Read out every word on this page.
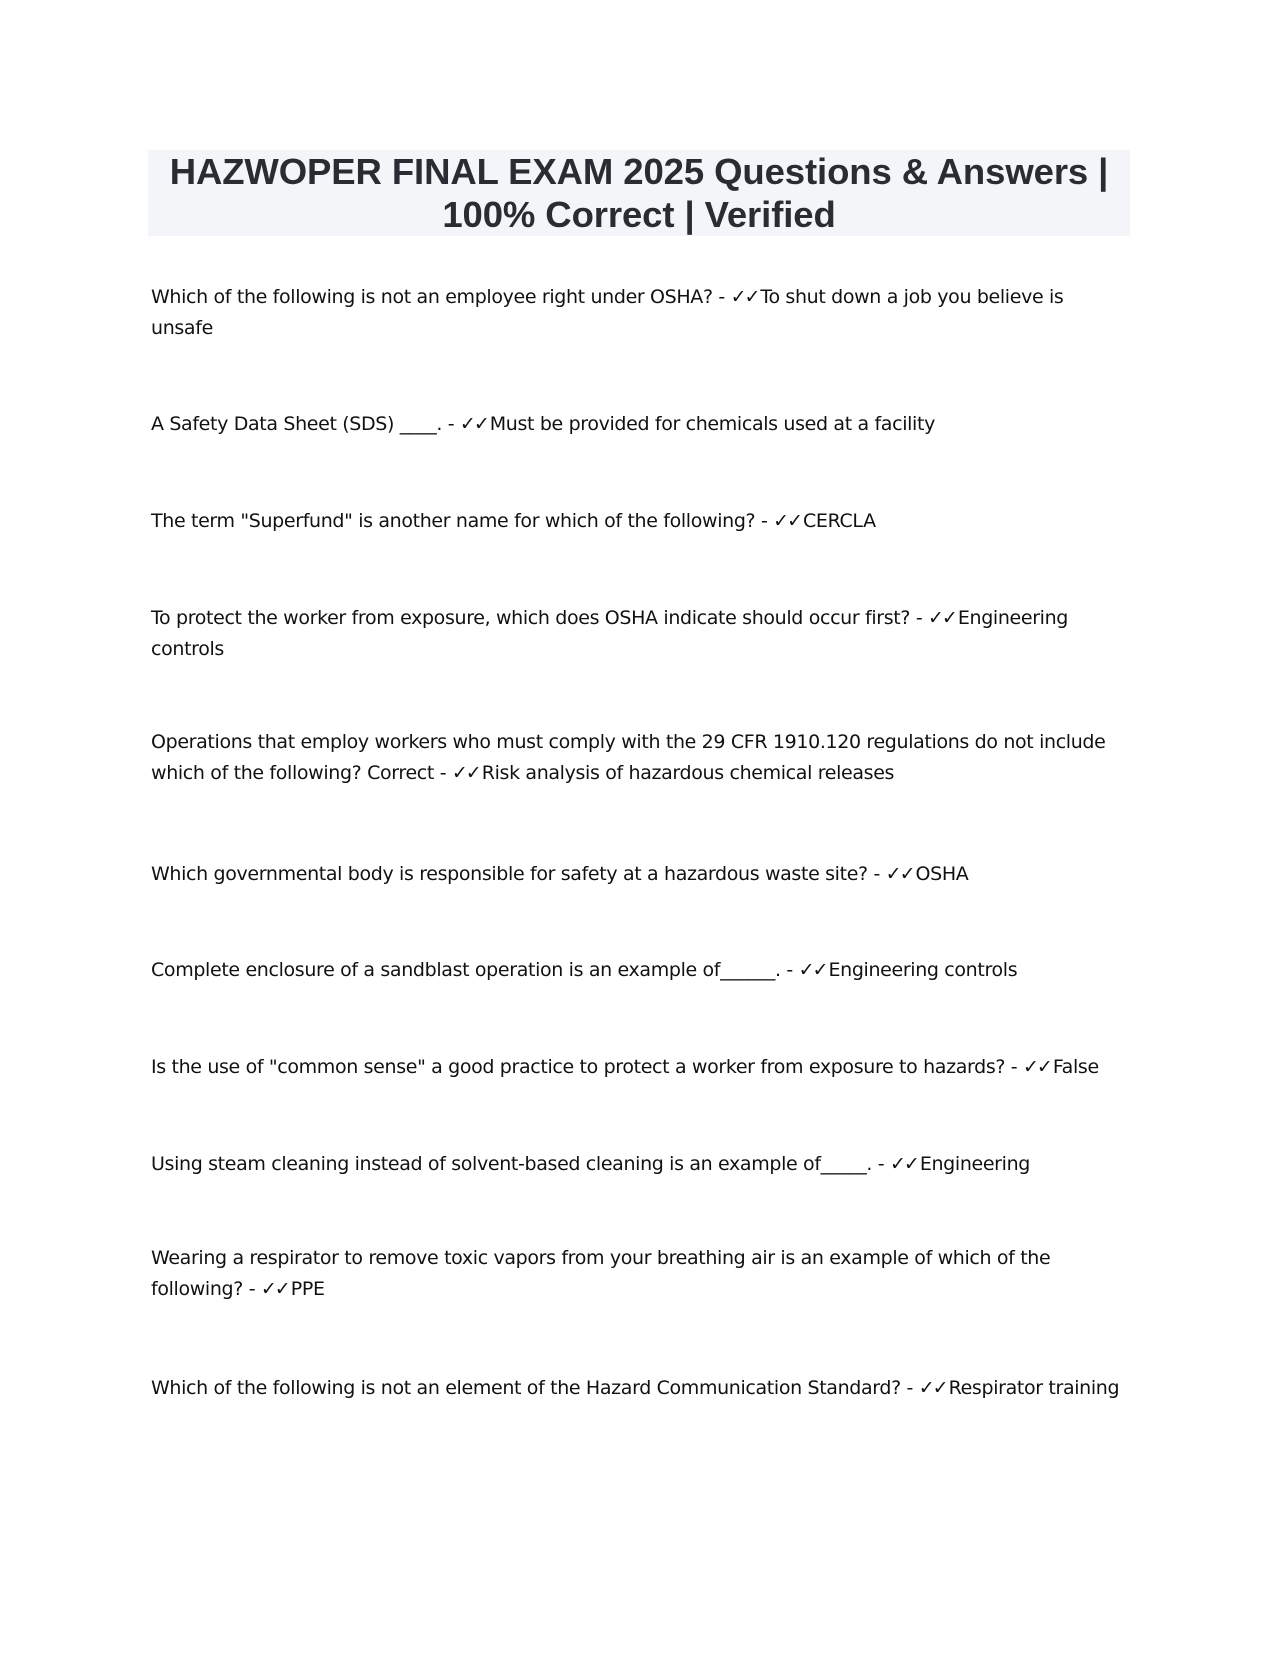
HAZWOPER FINAL EXAM 2025 Questions & Answers |
100% Correct | Verified
Which of the following is not an employee right under OSHA? - ✓✓ To shut down a job you believe is unsafe
A Safety Data Sheet (SDS) ____. - ✓✓ Must be provided for chemicals used at a facility
The term "Superfund" is another name for which of the following? - ✓✓ CERCLA
To protect the worker from exposure, which does OSHA indicate should occur first? - ✓✓ Engineering controls
Operations that employ workers who must comply with the 29 CFR 1910.120 regulations do not include which of the following? Correct - ✓✓ Risk analysis of hazardous chemical releases
Which governmental body is responsible for safety at a hazardous waste site? - ✓✓ OSHA
Complete enclosure of a sandblast operation is an example of______. - ✓✓ Engineering controls
Is the use of "common sense" a good practice to protect a worker from exposure to hazards? - ✓✓ False
Using steam cleaning instead of solvent-based cleaning is an example of_____. - ✓✓ Engineering
Wearing a respirator to remove toxic vapors from your breathing air is an example of which of the following? - ✓✓ PPE
Which of the following is not an element of the Hazard Communication Standard? - ✓✓ Respirator training
